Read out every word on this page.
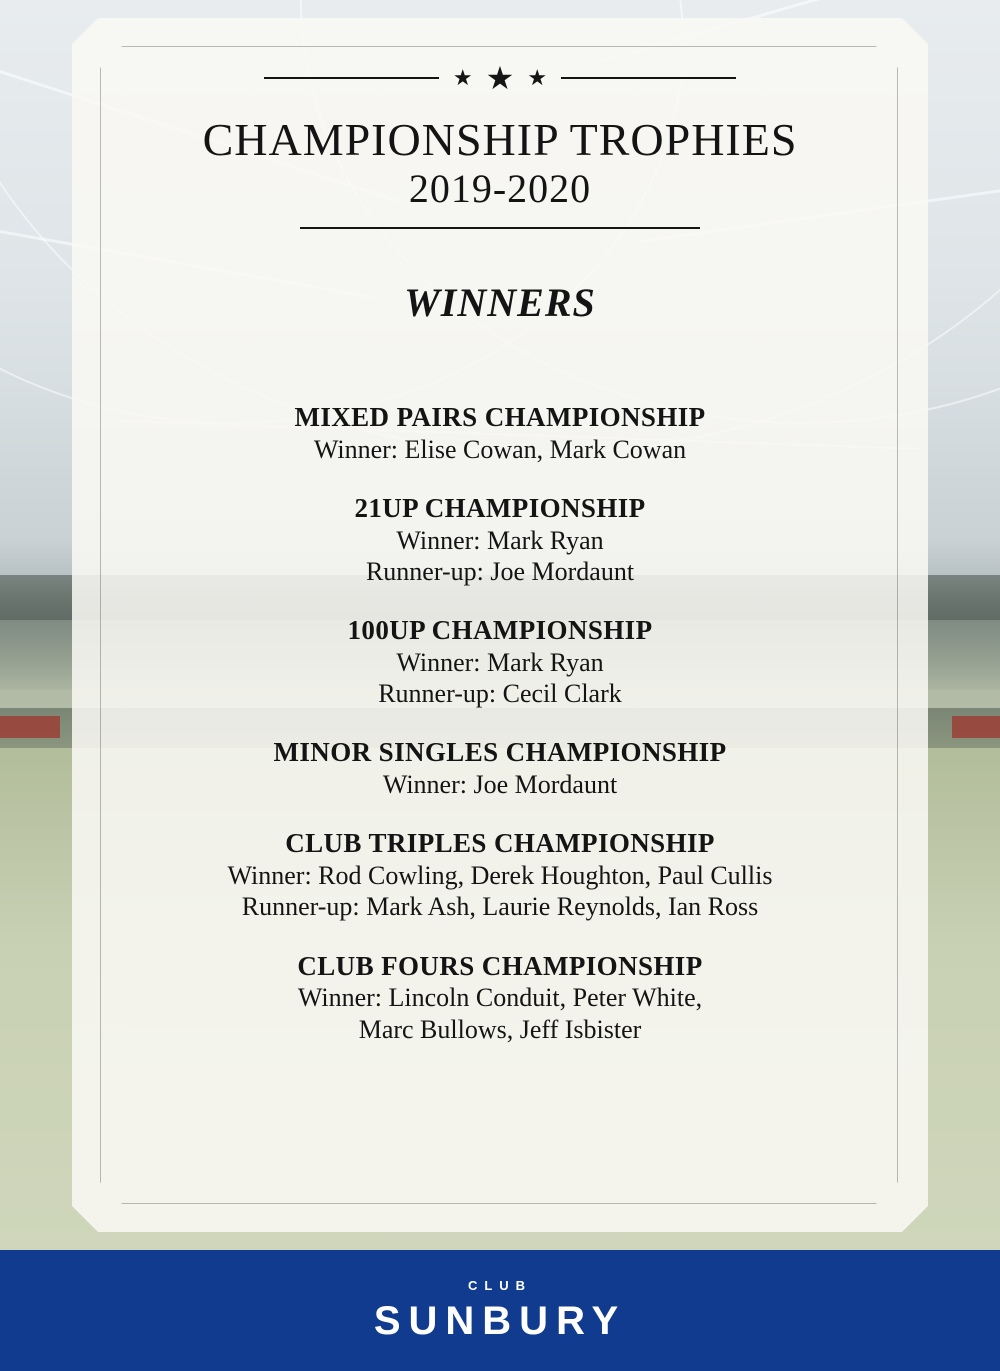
★ ★ ★
CHAMPIONSHIP TROPHIES
2019-2020
WINNERS
MIXED PAIRS CHAMPIONSHIP
Winner: Elise Cowan, Mark Cowan
21UP CHAMPIONSHIP
Winner: Mark Ryan
Runner-up: Joe Mordaunt
100UP CHAMPIONSHIP
Winner: Mark Ryan
Runner-up: Cecil Clark
MINOR SINGLES CHAMPIONSHIP
Winner: Joe Mordaunt
CLUB TRIPLES CHAMPIONSHIP
Winner: Rod Cowling, Derek Houghton, Paul Cullis
Runner-up: Mark Ash, Laurie Reynolds, Ian Ross
CLUB FOURS CHAMPIONSHIP
Winner: Lincoln Conduit, Peter White,
Marc Bullows, Jeff Isbister
CLUB
SUNBURY
